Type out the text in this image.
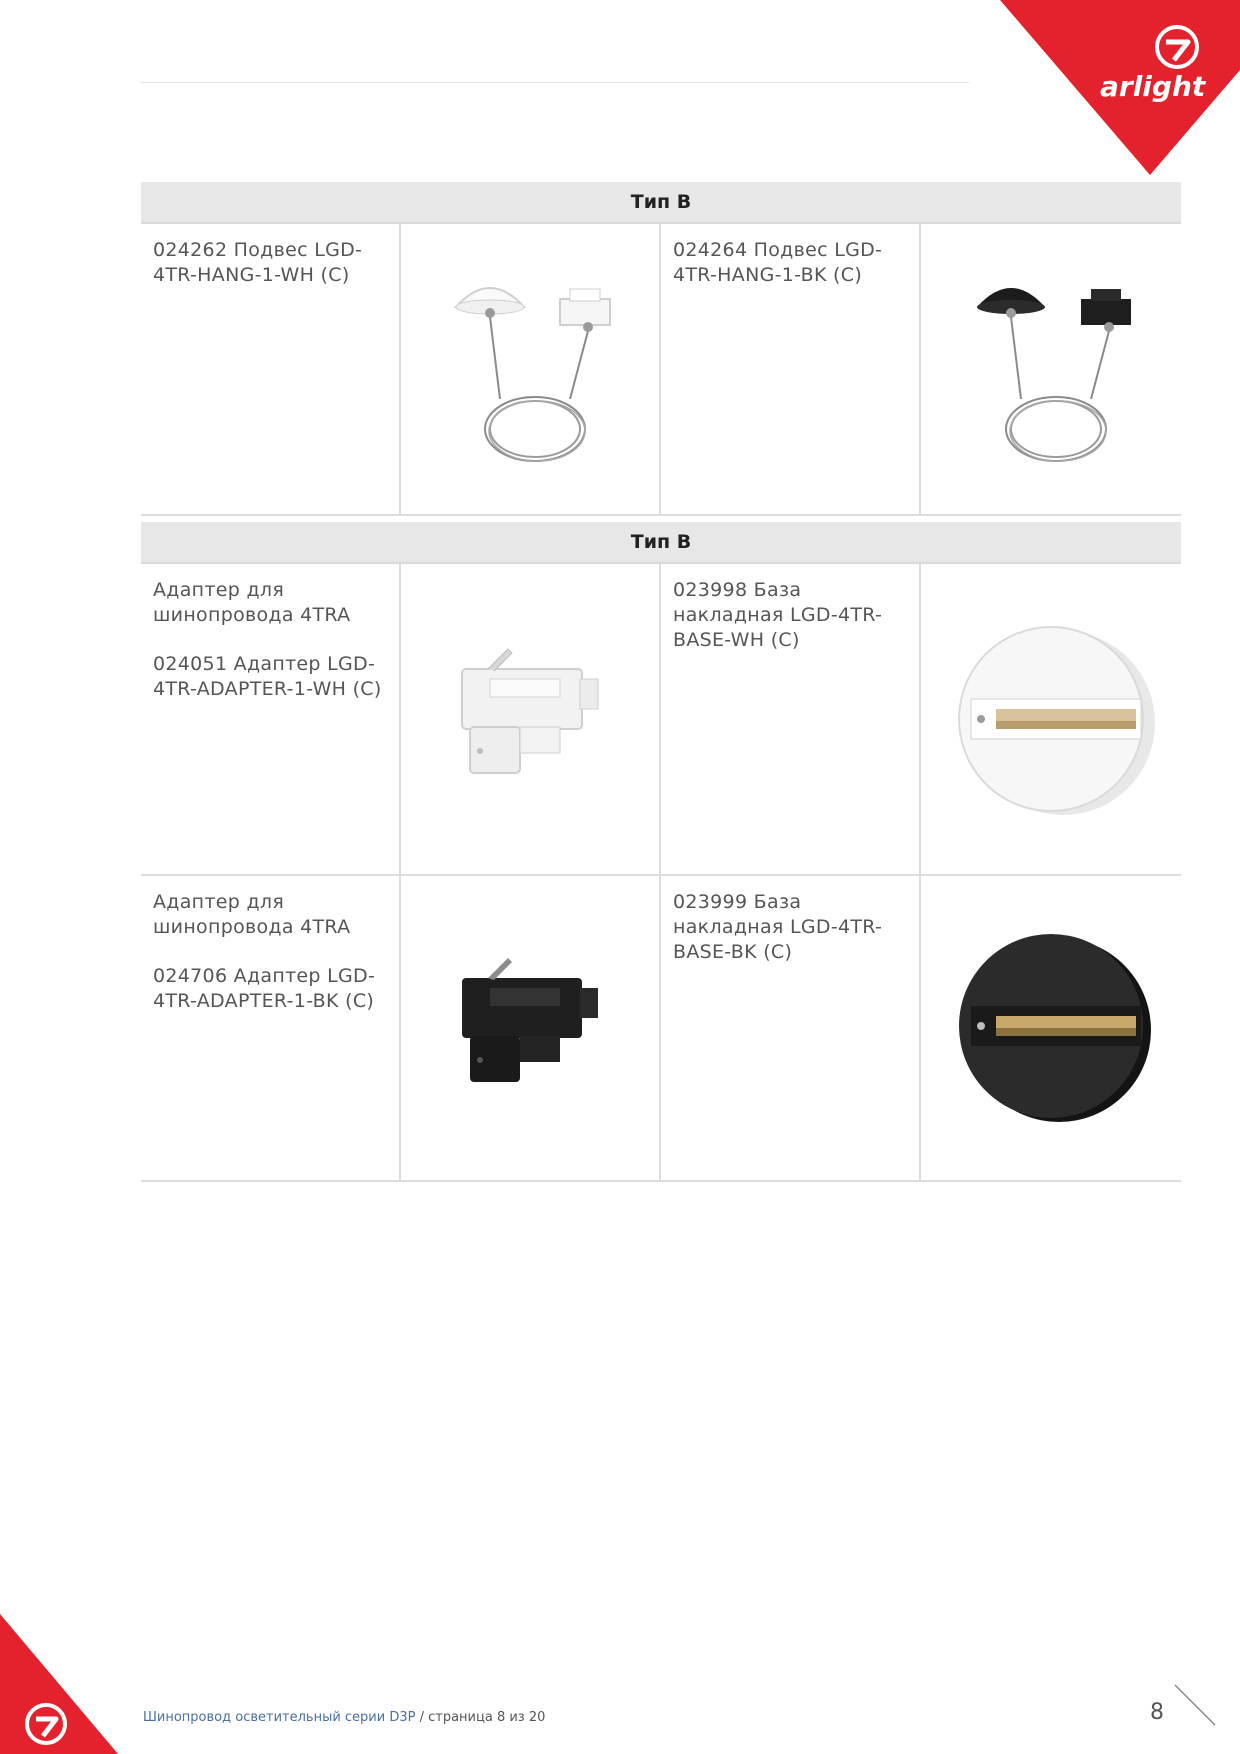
arlight
Тип B

024262 Подвес LGD-4TR-HANG-1-WH (C)

024264 Подвес LGD-4TR-HANG-1-BK (C)

Тип B

Адаптер для шинопровода 4TRA

024051 Адаптер LGD-4TR-ADAPTER-1-WH (C)

023998 База накладная LGD-4TR-BASE-WH (C)

Адаптер для шинопровода 4TRA

024706 Адаптер LGD-4TR-ADAPTER-1-BK (C)

023999 База накладная LGD-4TR-BASE-BK (C)

Шинопровод осветительный серии D3P / страница 8 из 20	8
